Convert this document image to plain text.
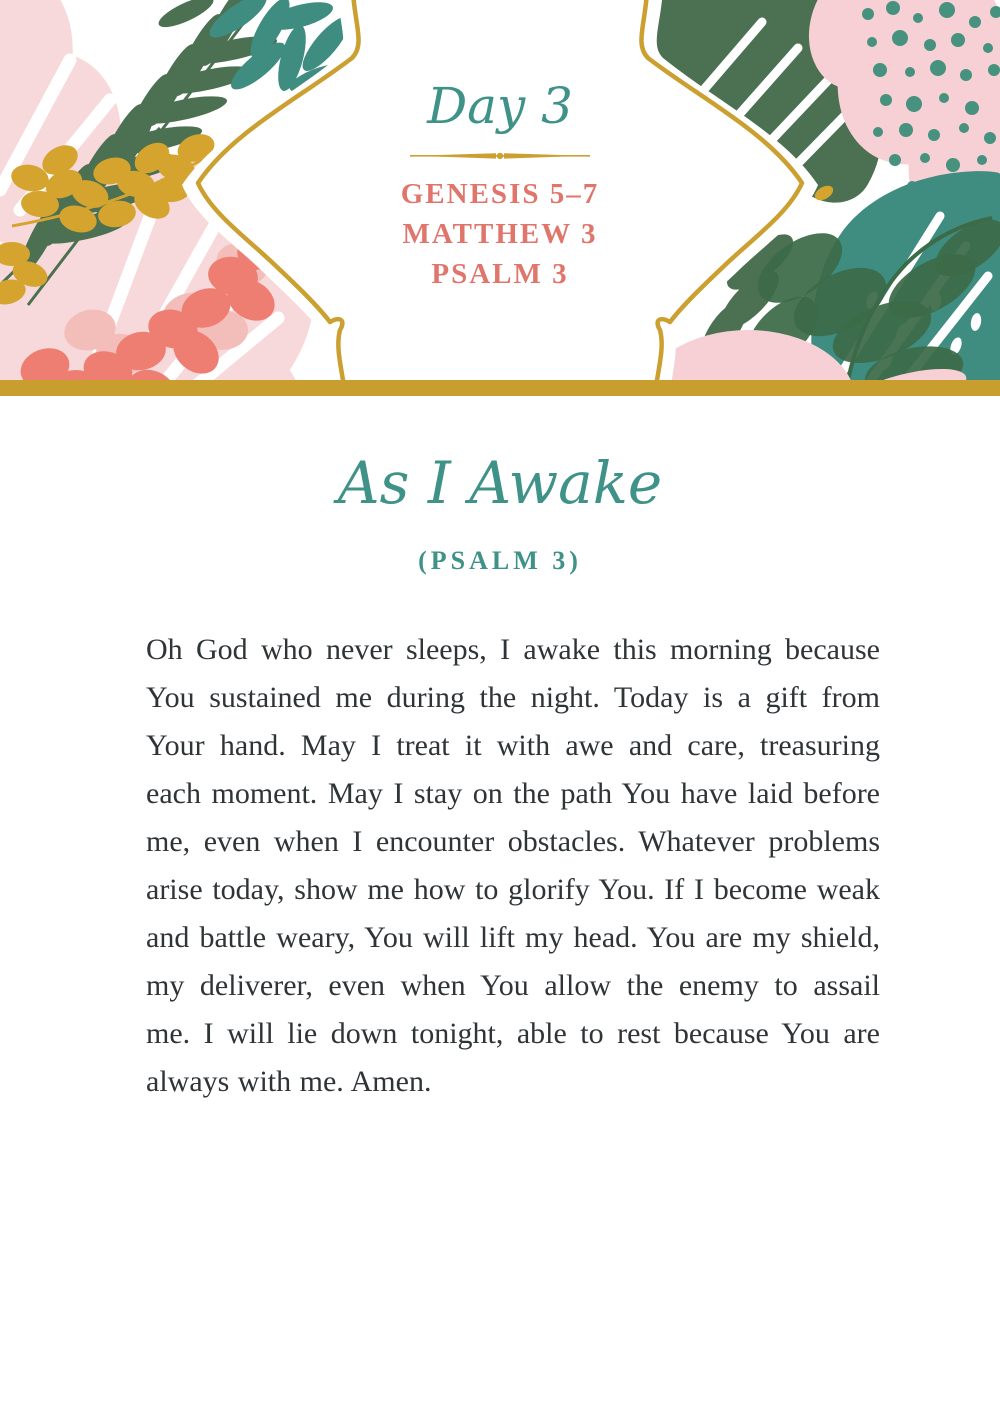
Day 3
GENESIS 5–7
MATTHEW 3
PSALM 3
As I Awake
(PSALM 3)
Oh God who never sleeps, I awake this morning because
You sustained me during the night. Today is a gift from
Your hand. May I treat it with awe and care, treasuring
each moment. May I stay on the path You have laid before
me, even when I encounter obstacles. Whatever problems
arise today, show me how to glorify You. If I become weak
and battle weary, You will lift my head. You are my shield,
my deliverer, even when You allow the enemy to assail
me. I will lie down tonight, able to rest because You are
always with me. Amen.
